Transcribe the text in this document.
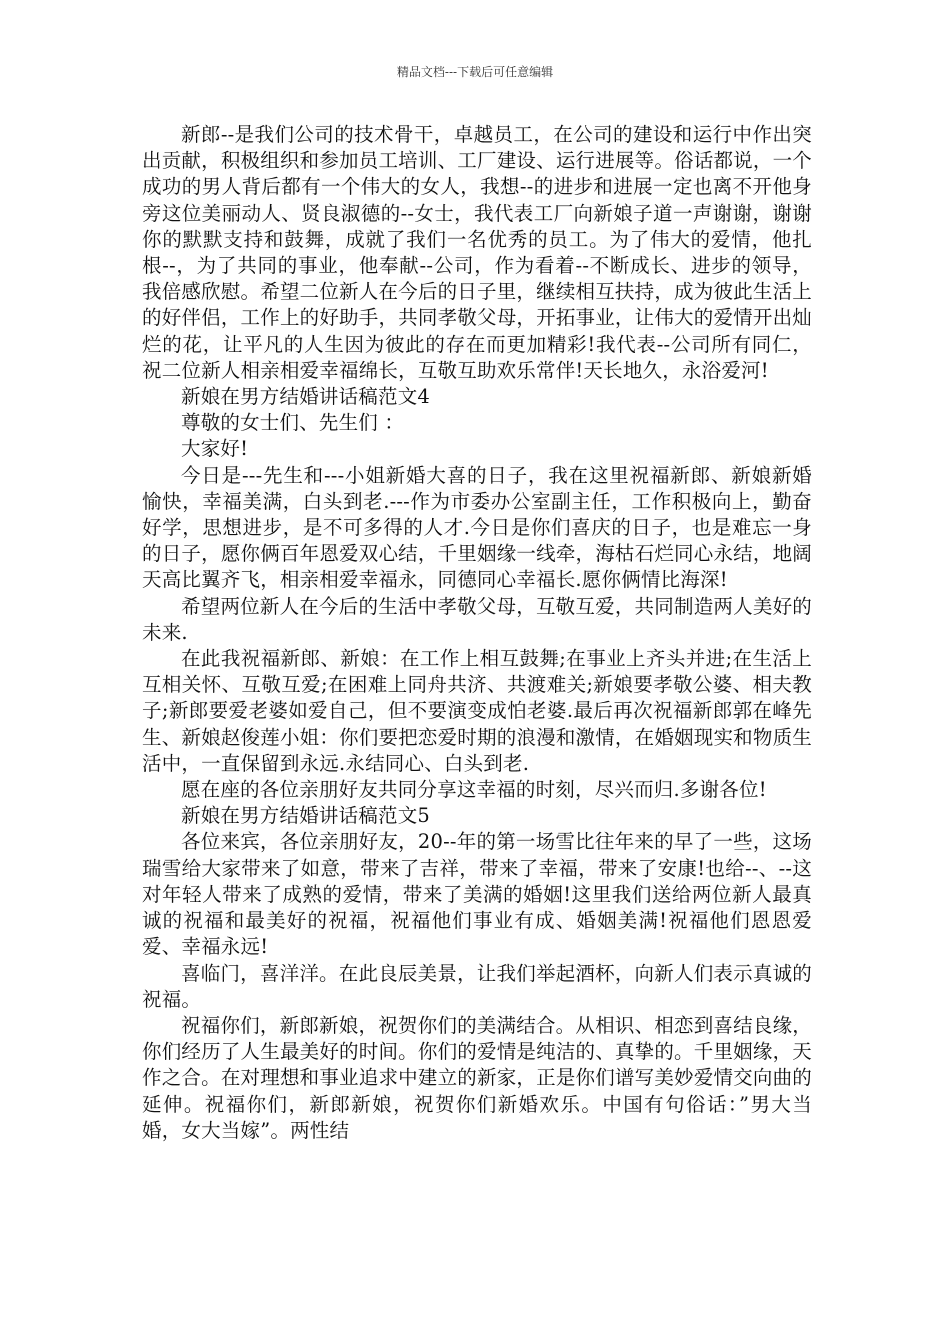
精品文档---下载后可任意编辑

新郎--是我们公司的技术骨干，卓越员工，在公司的建设和运行中作出突出贡献，积极组织和参加员工培训、工厂建设、运行进展等。俗话都说，一个成功的男人背后都有一个伟大的女人，我想--的进步和进展一定也离不开他身旁这位美丽动人、贤良淑德的--女士，我代表工厂向新娘子道一声谢谢，谢谢你的默默支持和鼓舞，成就了我们一名优秀的员工。为了伟大的爱情，他扎根--，为了共同的事业，他奉献--公司，作为看着--不断成长、进步的领导，我倍感欣慰。希望二位新人在今后的日子里，继续相互扶持，成为彼此生活上的好伴侣，工作上的好助手，共同孝敬父母，开拓事业，让伟大的爱情开出灿烂的花，让平凡的人生因为彼此的存在而更加精彩!我代表--公司所有同仁，祝二位新人相亲相爱幸福绵长，互敬互助欢乐常伴!天长地久，永浴爱河!

新娘在男方结婚讲话稿范文4

尊敬的女士们、先生们 ：

大家好!

今日是---先生和---小姐新婚大喜的日子，我在这里祝福新郎、新娘新婚愉快，幸福美满，白头到老.---作为市委办公室副主任，工作积极向上，勤奋好学，思想进步，是不可多得的人才.今日是你们喜庆的日子，也是难忘一身的日子，愿你俩百年恩爱双心结，千里姻缘一线牵，海枯石烂同心永结，地阔天高比翼齐飞，相亲相爱幸福永，同德同心幸福长.愿你俩情比海深!

希望两位新人在今后的生活中孝敬父母，互敬互爱，共同制造两人美好的未来.

在此我祝福新郎、新娘：在工作上相互鼓舞;在事业上齐头并进;在生活上互相关怀、互敬互爱;在困难上同舟共济、共渡难关;新娘要孝敬公婆、相夫教子;新郎要爱老婆如爱自己，但不要演变成怕老婆.最后再次祝福新郎郭在峰先生、新娘赵俊莲小姐：你们要把恋爱时期的浪漫和激情，在婚姻现实和物质生活中，一直保留到永远.永结同心、白头到老.

愿在座的各位亲朋好友共同分享这幸福的时刻，尽兴而归.多谢各位!

新娘在男方结婚讲话稿范文5

各位来宾，各位亲朋好友，20--年的第一场雪比往年来的早了一些，这场瑞雪给大家带来了如意，带来了吉祥，带来了幸福，带来了安康!也给--、--这对年轻人带来了成熟的爱情，带来了美满的婚姻!这里我们送给两位新人最真诚的祝福和最美好的祝福，祝福他们事业有成、婚姻美满!祝福他们恩恩爱爱、幸福永远!

喜临门，喜洋洋。在此良辰美景，让我们举起酒杯，向新人们表示真诚的祝福。

祝福你们，新郎新娘，祝贺你们的美满结合。从相识、相恋到喜结良缘，你们经历了人生最美好的时间。你们的爱情是纯洁的、真挚的。千里姻缘，天作之合。在对理想和事业追求中建立的新家，正是你们谱写美妙爱情交向曲的延伸。祝福你们，新郎新娘，祝贺你们新婚欢乐。中国有句俗话：”男大当婚，女大当嫁”。两性结
